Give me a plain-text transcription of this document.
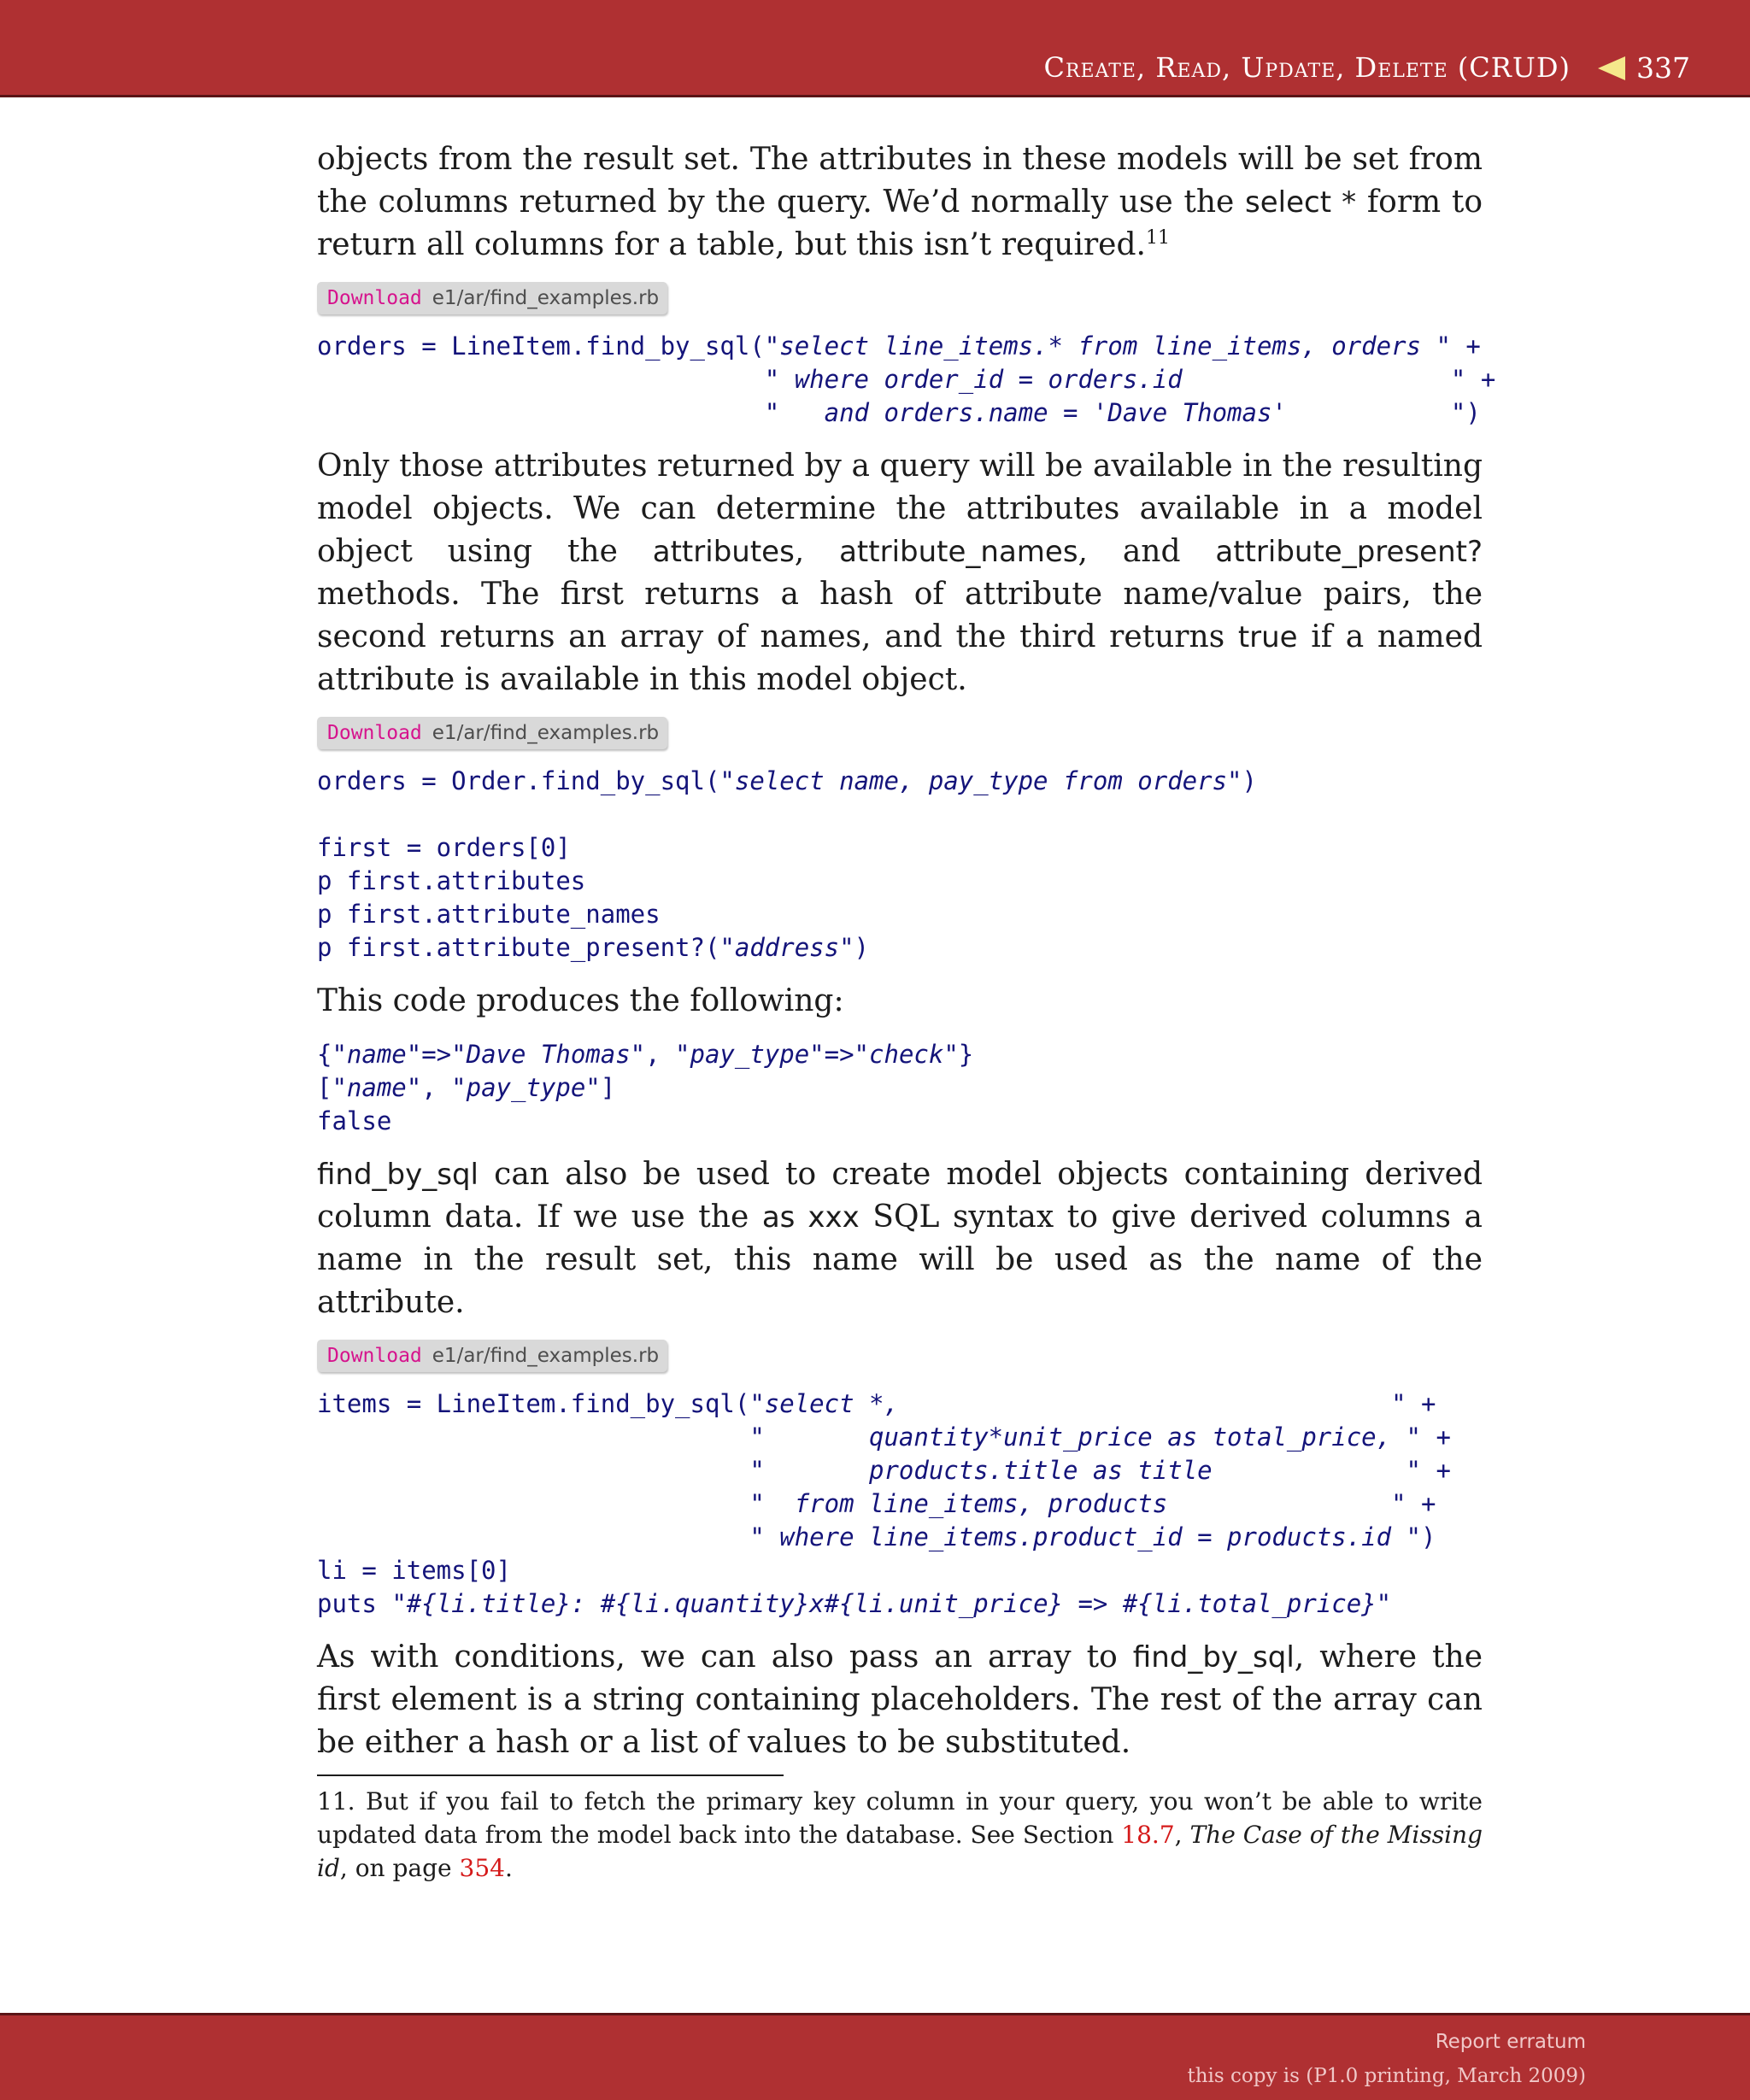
Create, Read, Update, Delete (CRUD) 337

objects from the result set. The attributes in these models will be set from the columns returned by the query. We’d normally use the select * form to return all columns for a table, but this isn’t required.$^{11}$

Download e1/ar/find_examples.rb
orders = LineItem.find_by_sql("select line_items.* from line_items, orders " +
" where order_id = orders.id                  " +
"   and orders.name = 'Dave Thomas'           ")

Only those attributes returned by a query will be available in the resulting model objects. We can determine the attributes available in a model object using the attributes, attribute_names, and attribute_present? methods. The first returns a hash of attribute name/value pairs, the second returns an array of names, and the third returns true if a named attribute is available in this model object.

Download e1/ar/find_examples.rb
orders = Order.find_by_sql("select name, pay_type from orders")

first = orders[0]
p first.attributes
p first.attribute_names
p first.attribute_present?("address")

This code produces the following:

{"name"=>"Dave Thomas", "pay_type"=>"check"}
["name", "pay_type"]
false

find_by_sql can also be used to create model objects containing derived column data. If we use the as xxx SQL syntax to give derived columns a name in the result set, this name will be used as the name of the attribute.

Download e1/ar/find_examples.rb
items = LineItem.find_by_sql("select *,                                 " +
"       quantity*unit_price as total_price, " +
"       products.title as title             " +
"  from line_items, products               " +
" where line_items.product_id = products.id ")
li = items[0]
puts "#{li.title}: #{li.quantity}x#{li.unit_price} => #{li.total_price}"

As with conditions, we can also pass an array to find_by_sql, where the first element is a string containing placeholders. The rest of the array can be either a hash or a list of values to be substituted.

11. But if you fail to fetch the primary key column in your query, you won’t be able to write updated data from the model back into the database. See Section 18.7, The Case of the Missing id, on page 354.

Report erratum
this copy is (P1.0 printing, March 2009)
